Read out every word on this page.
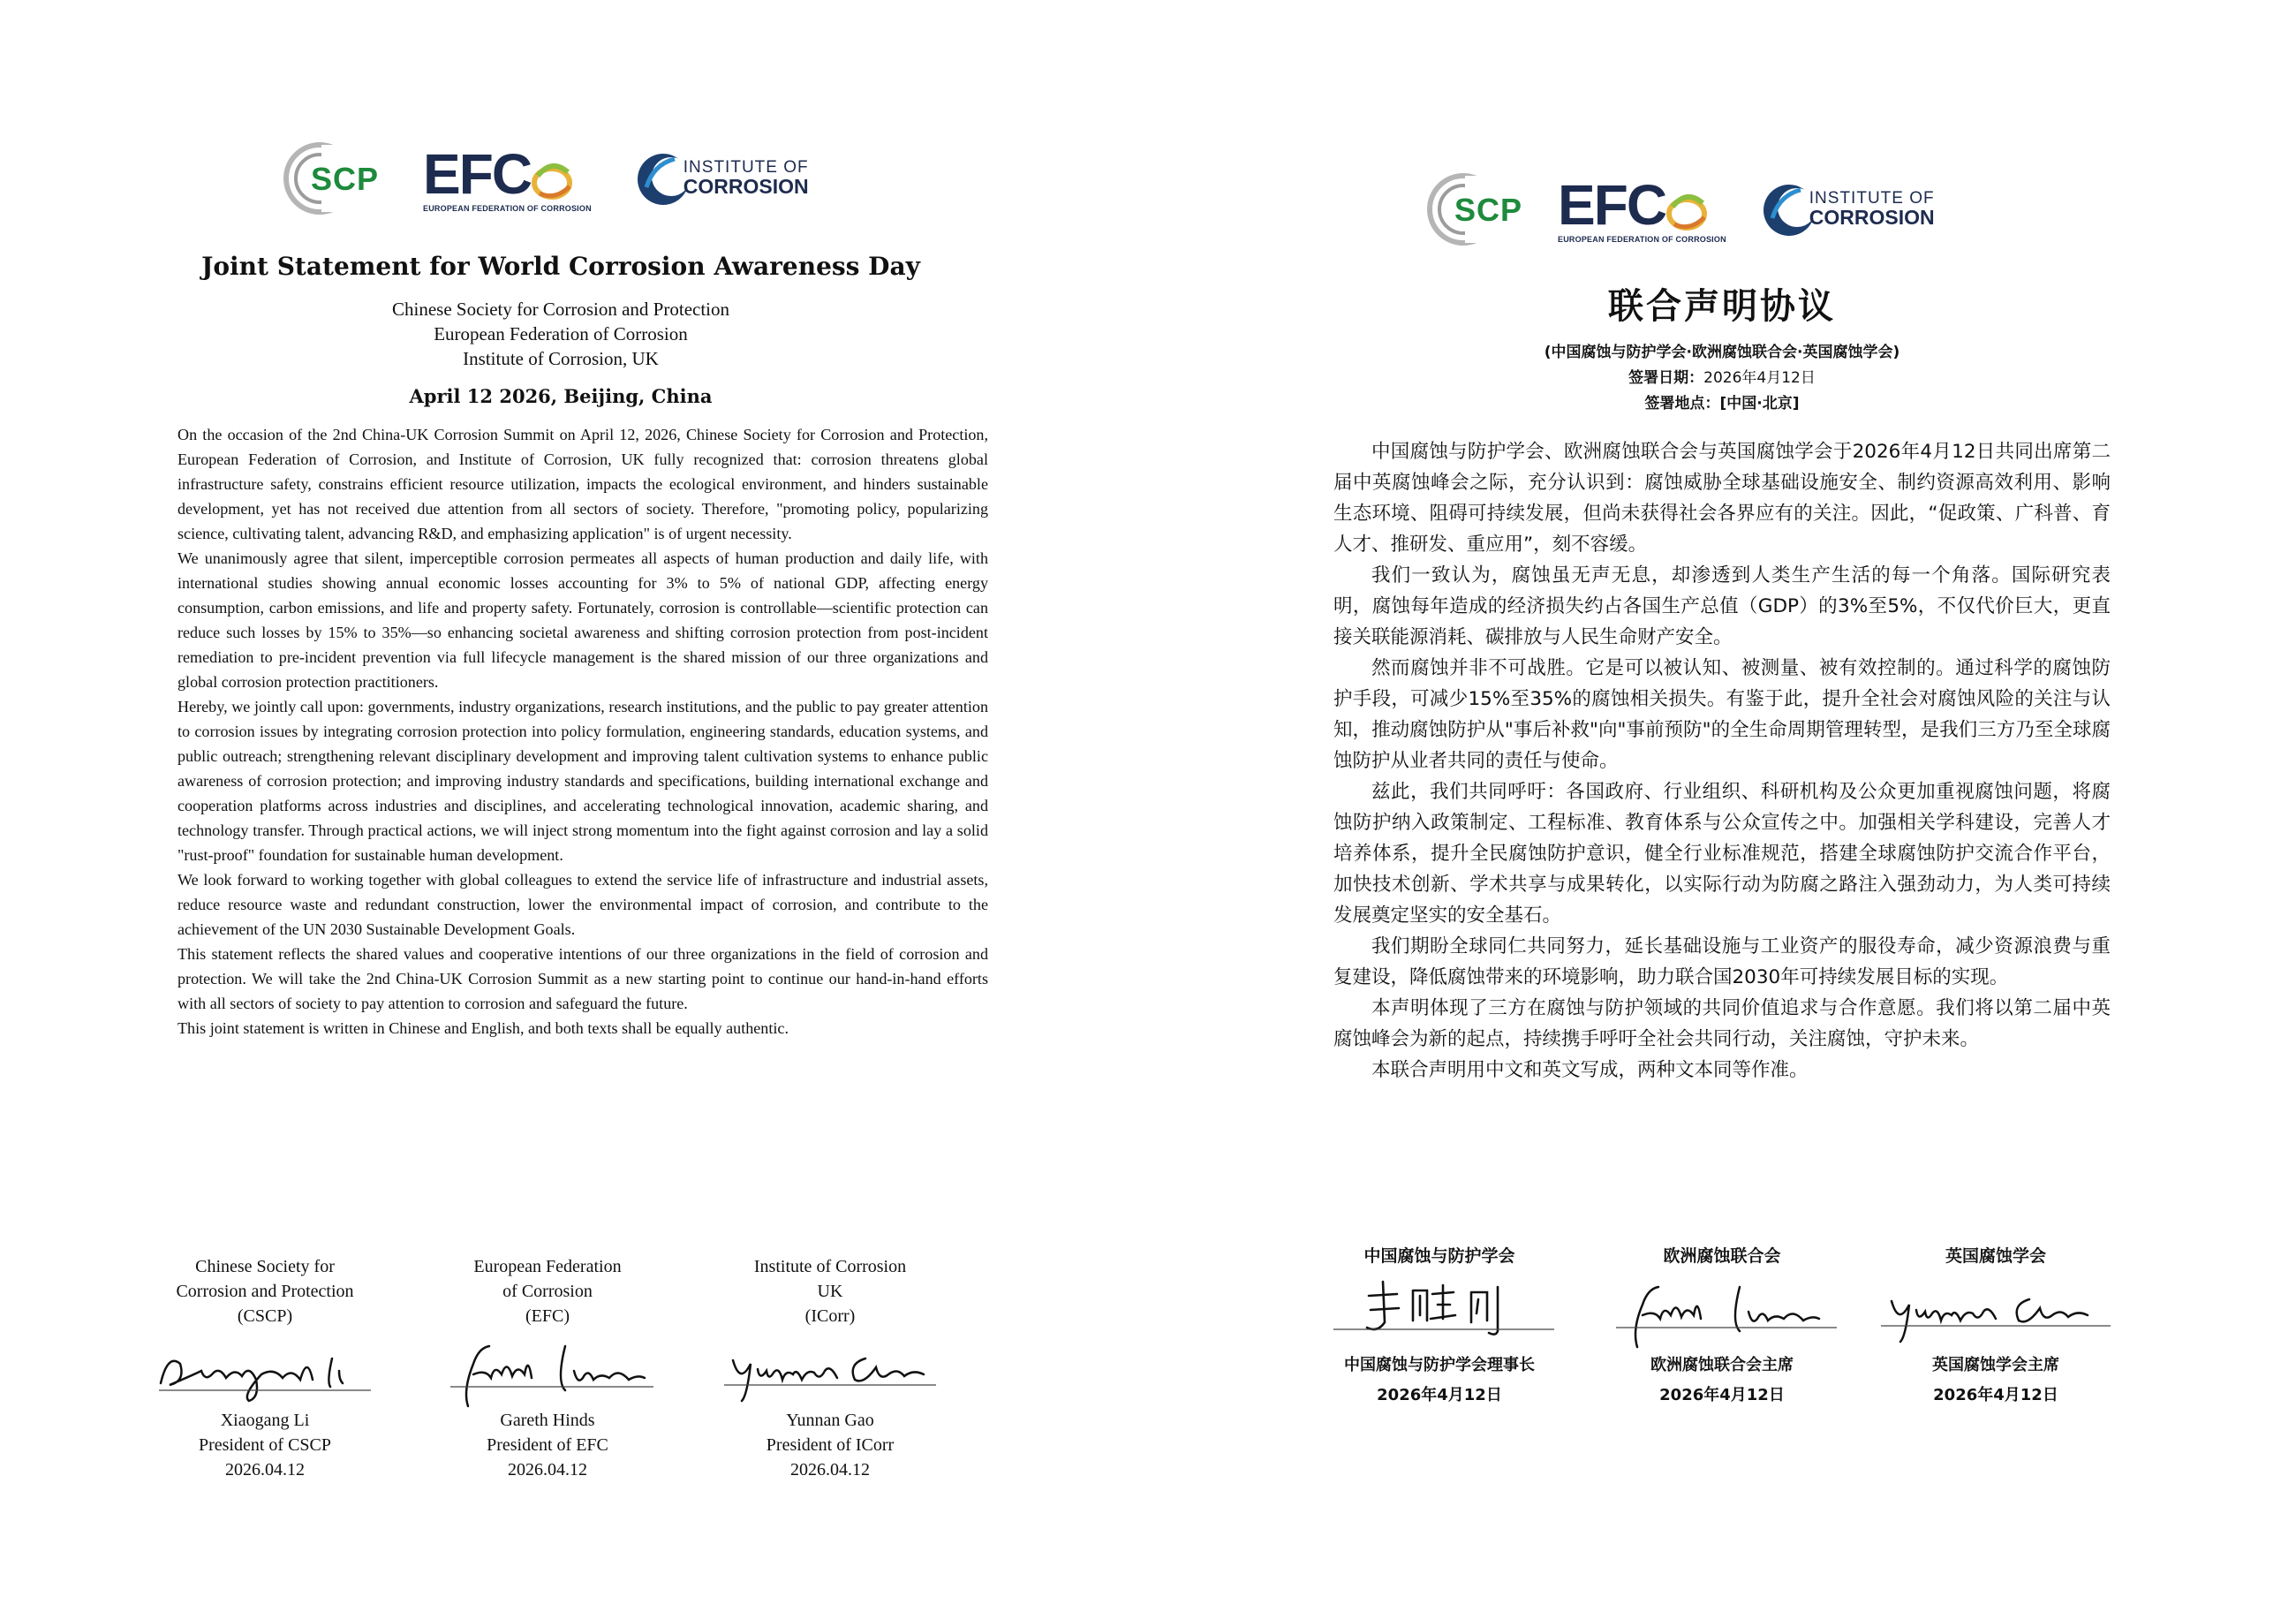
SCP EFC
EUROPEAN FEDERATION OF CORROSION
INSTITUTE OF
CORROSION
Joint Statement for World Corrosion Awareness Day
Chinese Society for Corrosion and Protection
European Federation of Corrosion
Institute of Corrosion, UK
April 12 2026, Beijing, China

On the occasion of the 2nd China-UK Corrosion Summit on April 12, 2026, Chinese Society for Corrosion and Protection, European Federation of Corrosion, and Institute of Corrosion, UK fully recognized that: corrosion threatens global infrastructure safety, constrains efficient resource utilization, impacts the ecological environment, and hinders sustainable development, yet has not received due attention from all sectors of society. Therefore, "promoting policy, popularizing science, cultivating talent, advancing R&D, and emphasizing application" is of urgent necessity.

We unanimously agree that silent, imperceptible corrosion permeates all aspects of human production and daily life, with international studies showing annual economic losses accounting for 3% to 5% of national GDP, affecting energy consumption, carbon emissions, and life and property safety. Fortunately, corrosion is controllable—scientific protection can reduce such losses by 15% to 35%—so enhancing societal awareness and shifting corrosion protection from post-incident remediation to pre-incident prevention via full lifecycle management is the shared mission of our three organizations and global corrosion protection practitioners.

Hereby, we jointly call upon: governments, industry organizations, research institutions, and the public to pay greater attention to corrosion issues by integrating corrosion protection into policy formulation, engineering standards, education systems, and public outreach; strengthening relevant disciplinary development and improving talent cultivation systems to enhance public awareness of corrosion protection; and improving industry standards and specifications, building international exchange and cooperation platforms across industries and disciplines, and accelerating technological innovation, academic sharing, and technology transfer. Through practical actions, we will inject strong momentum into the fight against corrosion and lay a solid "rust-proof" foundation for sustainable human development.

We look forward to working together with global colleagues to extend the service life of infrastructure and industrial assets, reduce resource waste and redundant construction, lower the environmental impact of corrosion, and contribute to the achievement of the UN 2030 Sustainable Development Goals.

This statement reflects the shared values and cooperative intentions of our three organizations in the field of corrosion and protection. We will take the 2nd China-UK Corrosion Summit as a new starting point to continue our hand-in-hand efforts with all sectors of society to pay attention to corrosion and safeguard the future.

This joint statement is written in Chinese and English, and both texts shall be equally authentic.

Chinese Society for
Corrosion and Protection
(CSCP)
Xiaogang Li
President of CSCP
2026.04.12
European Federation
of Corrosion
(EFC)
Gareth Hinds
President of EFC
2026.04.12
Institute of Corrosion
UK
(ICorr)
Yunnan Gao
President of ICorr
2026.04.12
SCP EFC
EUROPEAN FEDERATION OF CORROSION
INSTITUTE OF
CORROSION
联合声明协议
(中国腐蚀与防护学会·欧洲腐蚀联合会·英国腐蚀学会)
签署日期：2026年4月12日
签署地点：[中国·北京]

中国腐蚀与防护学会、欧洲腐蚀联合会与英国腐蚀学会于2026年4月12日共同出席第二届中英腐蚀峰会之际，充分认识到：腐蚀威胁全球基础设施安全、制约资源高效利用、影响生态环境、阻碍可持续发展，但尚未获得社会各界应有的关注。因此，“促政策、广科普、育人才、推研发、重应用”，刻不容缓。

我们一致认为，腐蚀虽无声无息，却渗透到人类生产生活的每一个角落。国际研究表明，腐蚀每年造成的经济损失约占各国生产总值（GDP）的3%至5%，不仅代价巨大，更直接关联能源消耗、碳排放与人民生命财产安全。

然而腐蚀并非不可战胜。它是可以被认知、被测量、被有效控制的。通过科学的腐蚀防护手段，可减少15%至35%的腐蚀相关损失。有鉴于此，提升全社会对腐蚀风险的关注与认知，推动腐蚀防护从"事后补救"向"事前预防"的全生命周期管理转型，是我们三方乃至全球腐蚀防护从业者共同的责任与使命。

兹此，我们共同呼吁：各国政府、行业组织、科研机构及公众更加重视腐蚀问题，将腐蚀防护纳入政策制定、工程标准、教育体系与公众宣传之中。加强相关学科建设，完善人才培养体系，提升全民腐蚀防护意识，健全行业标准规范，搭建全球腐蚀防护交流合作平台，加快技术创新、学术共享与成果转化，以实际行动为防腐之路注入强劲动力，为人类可持续发展奠定坚实的安全基石。

我们期盼全球同仁共同努力，延长基础设施与工业资产的服役寿命，减少资源浪费与重复建设，降低腐蚀带来的环境影响，助力联合国2030年可持续发展目标的实现。

本声明体现了三方在腐蚀与防护领域的共同价值追求与合作意愿。我们将以第二届中英腐蚀峰会为新的起点，持续携手呼吁全社会共同行动，关注腐蚀，守护未来。

本联合声明用中文和英文写成，两种文本同等作准。

中国腐蚀与防护学会
中国腐蚀与防护学会理事长
2026年4月12日
欧洲腐蚀联合会
欧洲腐蚀联合会主席
2026年4月12日
英国腐蚀学会
英国腐蚀学会主席
2026年4月12日
